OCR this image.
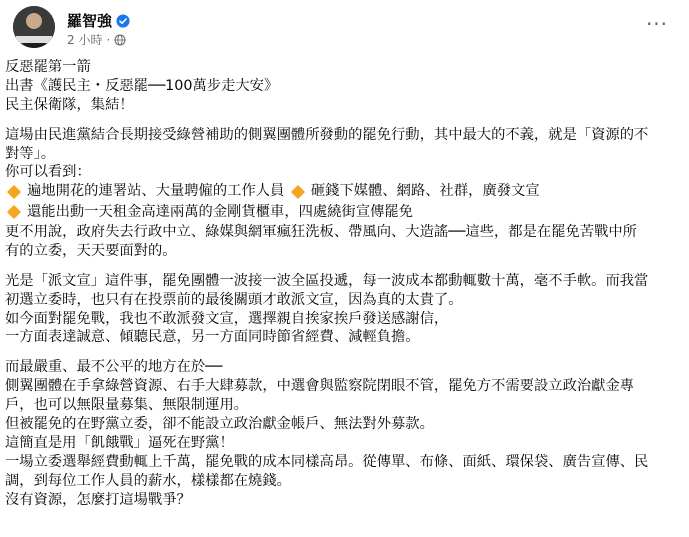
羅智強
2 小時 ·
···
反惡罷第一箭
出書《護民主・反惡罷──100萬步走大安》
民主保衛隊，集結！
這場由民進黨結合長期接受綠營補助的側翼團體所發動的罷免行動，其中最大的不義，就是「資源的不
對等」。
你可以看到：
遍地開花的連署站、大量聘僱的工作人員
砸錢下媒體、網路、社群，廣發文宣

還能出動一天租金高達兩萬的金剛貨櫃車，四處繞街宣傳罷免
更不用說，政府失去行政中立、綠媒與網軍瘋狂洗板、帶風向、大造謠──這些，都是在罷免苦戰中所
有的立委，天天要面對的。
光是「派文宣」這件事，罷免團體一波接一波全區投遞，每一波成本都動輒數十萬，毫不手軟。而我當
初選立委時，也只有在投票前的最後關頭才敢派文宣，因為真的太貴了。
如今面對罷免戰，我也不敢派發文宣，選擇親自挨家挨戶發送感謝信，
一方面表達誠意、傾聽民意，另一方面同時節省經費、減輕負擔。
而最嚴重、最不公平的地方在於──
側翼團體在手拿綠營資源、右手大肆募款，中選會與監察院閉眼不管，罷免方不需要設立政治獻金專
戶，也可以無限量募集、無限制運用。
但被罷免的在野黨立委，卻不能設立政治獻金帳戶、無法對外募款。
這簡直是用「飢餓戰」逼死在野黨！
一場立委選舉經費動輒上千萬，罷免戰的成本同樣高昂。從傳單、布條、面紙、環保袋、廣告宣傳、民
調，到每位工作人員的薪水，樣樣都在燒錢。
沒有資源，怎麼打這場戰爭？
